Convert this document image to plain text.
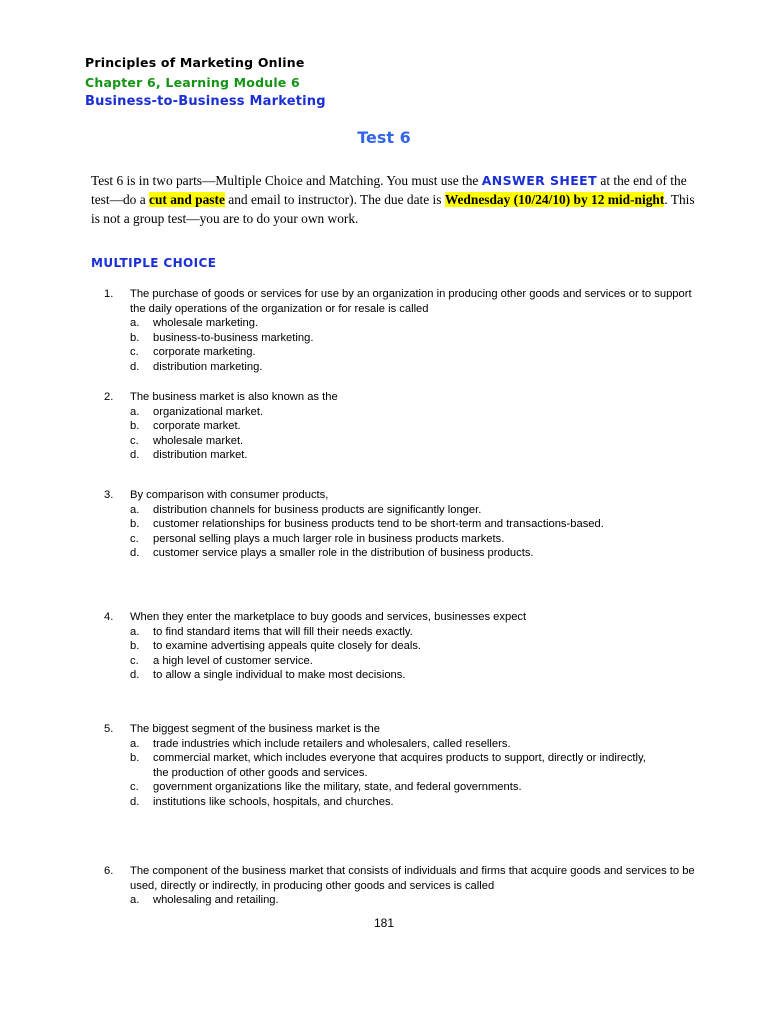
Principles of Marketing Online
Chapter 6, Learning Module 6
Business-to-Business Marketing
Test 6
Test 6 is in two parts—Multiple Choice and Matching. You must use the ANSWER SHEET at the end of the test—do a cut and paste and email to instructor). The due date is Wednesday (10/24/10) by 12 mid-night. This is not a group test—you are to do your own work.
MULTIPLE CHOICE
1.	The purchase of goods or services for use by an organization in producing other goods and services or to support the daily operations of the organization or for resale is called
a. wholesale marketing.
b. business-to-business marketing.
c. corporate marketing.
d. distribution marketing.
2.	The business market is also known as the
a. organizational market.
b. corporate market.
c. wholesale market.
d. distribution market.
3.	By comparison with consumer products,
a. distribution channels for business products are significantly longer.
b. customer relationships for business products tend to be short-term and transactions-based.
c. personal selling plays a much larger role in business products markets.
d. customer service plays a smaller role in the distribution of business products.
4.	When they enter the marketplace to buy goods and services, businesses expect
a. to find standard items that will fill their needs exactly.
b. to examine advertising appeals quite closely for deals.
c. a high level of customer service.
d. to allow a single individual to make most decisions.
5.	The biggest segment of the business market is the
a. trade industries which include retailers and wholesalers, called resellers.
b. commercial market, which includes everyone that acquires products to support, directly or indirectly, the production of other goods and services.
c. government organizations like the military, state, and federal governments.
d. institutions like schools, hospitals, and churches.
6.	The component of the business market that consists of individuals and firms that acquire goods and services to be used, directly or indirectly, in producing other goods and services is called
a. wholesaling and retailing.
181
